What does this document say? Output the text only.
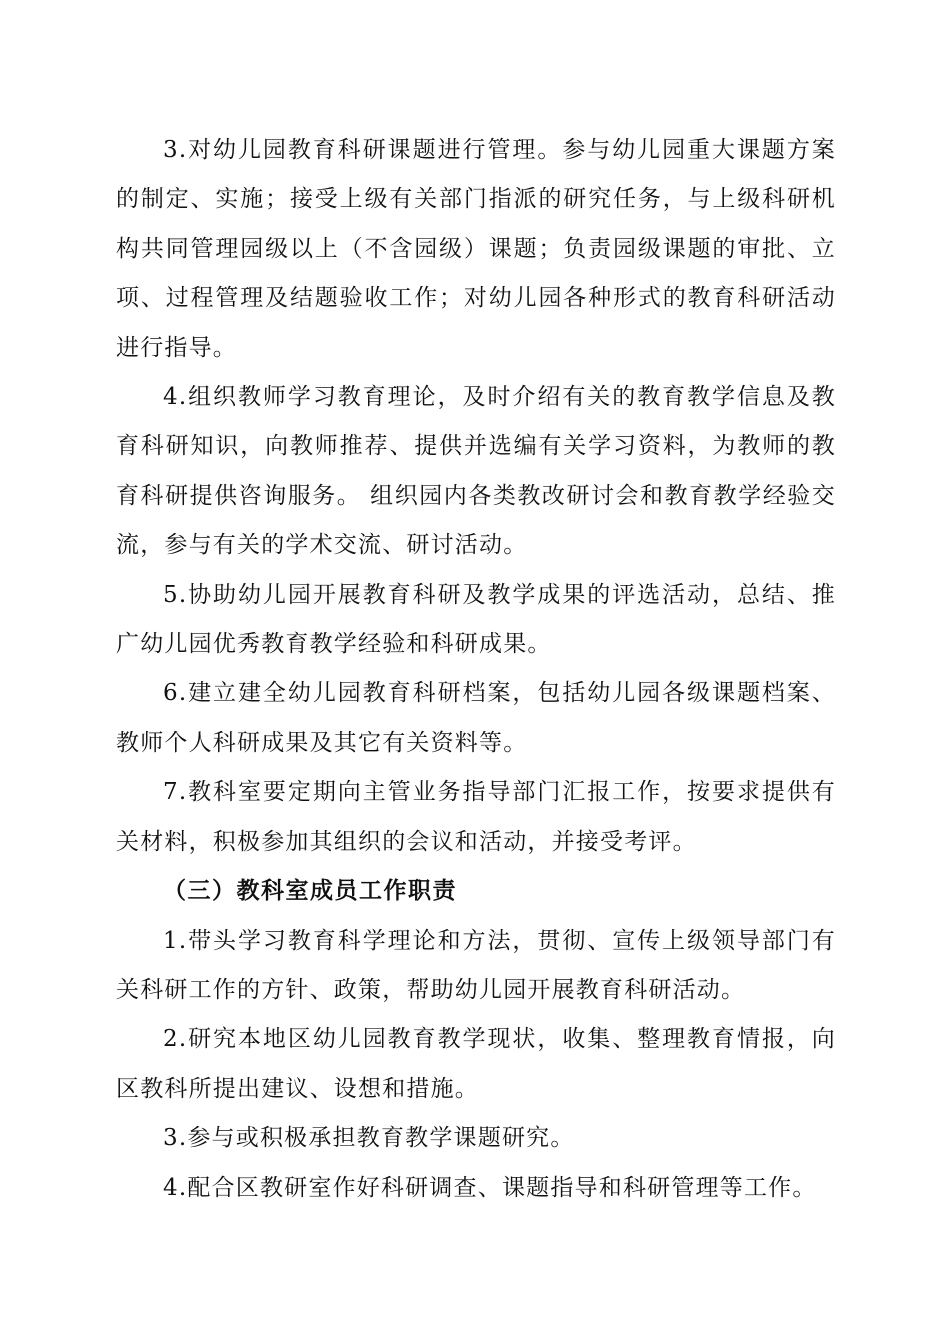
3.对幼儿园教育科研课题进行管理。参与幼儿园重大课题方案的制定、实施；接受上级有关部门指派的研究任务，与上级科研机构共同管理园级以上（不含园级）课题；负责园级课题的审批、立项、过程管理及结题验收工作；对幼儿园各种形式的教育科研活动进行指导。

4.组织教师学习教育理论，及时介绍有关的教育教学信息及教育科研知识，向教师推荐、提供并选编有关学习资料，为教师的教育科研提供咨询服务。 组织园内各类教改研讨会和教育教学经验交流，参与有关的学术交流、研讨活动。

5.协助幼儿园开展教育科研及教学成果的评选活动，总结、推广幼儿园优秀教育教学经验和科研成果。

6.建立建全幼儿园教育科研档案，包括幼儿园各级课题档案、教师个人科研成果及其它有关资料等。

7.教科室要定期向主管业务指导部门汇报工作，按要求提供有关材料，积极参加其组织的会议和活动，并接受考评。

（三）教科室成员工作职责

1.带头学习教育科学理论和方法，贯彻、宣传上级领导部门有关科研工作的方针、政策，帮助幼儿园开展教育科研活动。

2.研究本地区幼儿园教育教学现状，收集、整理教育情报，向区教科所提出建议、设想和措施。

3.参与或积极承担教育教学课题研究。

4.配合区教研室作好科研调查、课题指导和科研管理等工作。
